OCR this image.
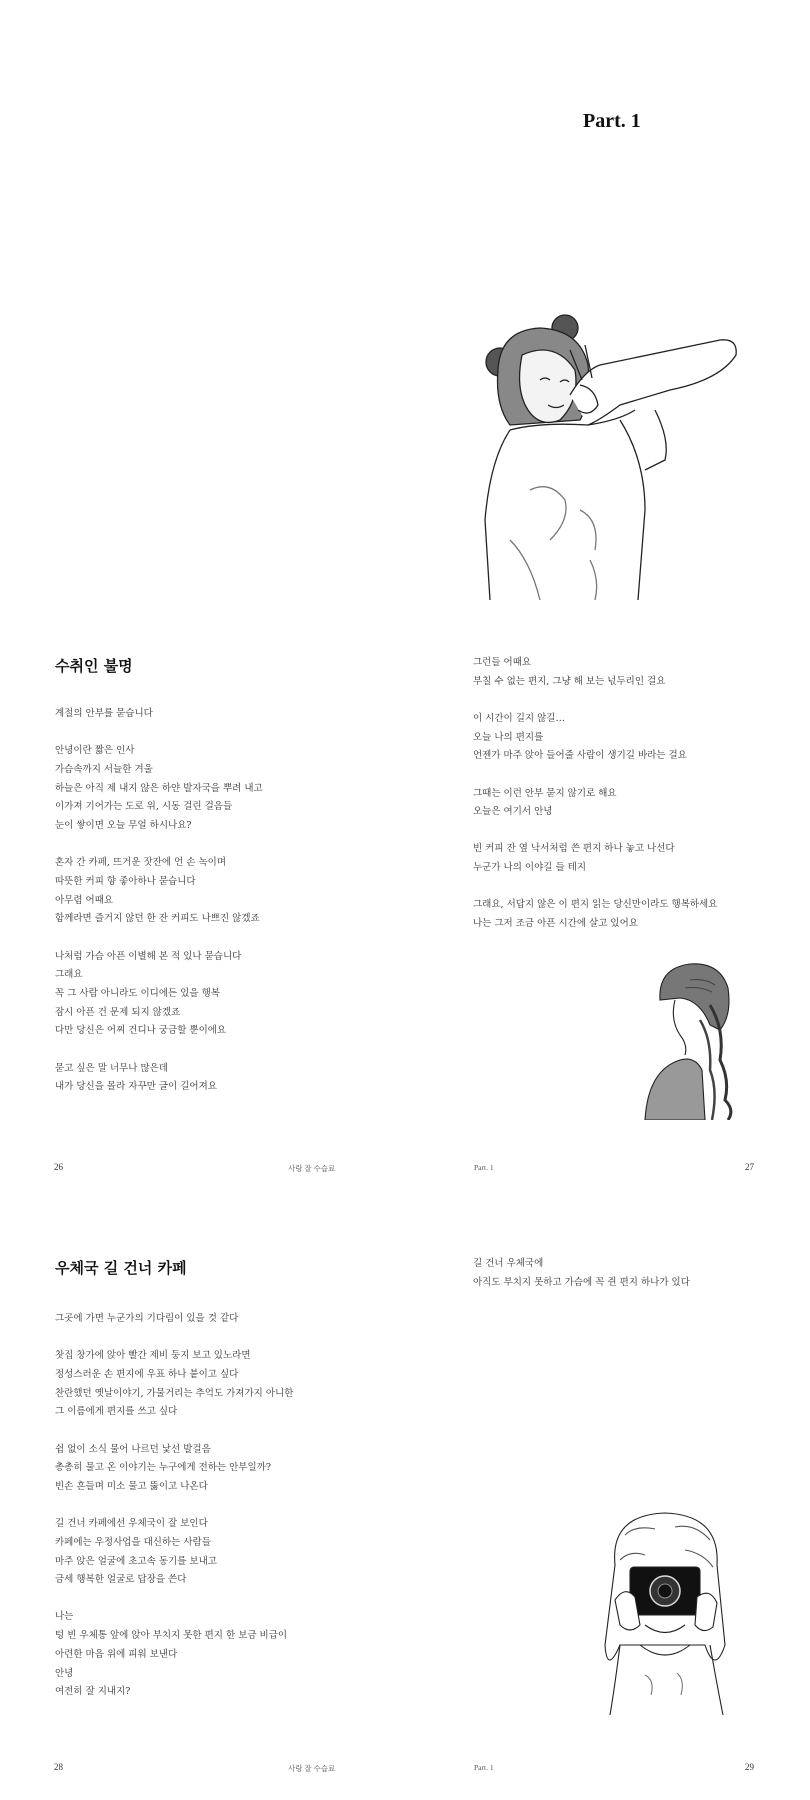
Part. 1
수취인 불명
계절의 안부를 묻습니다
안녕이란 짧은 인사
가슴속까지 서늘한 겨울
하늘은 아직 제 내지 않은 하얀 발자국을 뿌려 내고
이가져 기어가는 도로 위, 시동 걸린 걸음들
눈이 쌓이면 오늘 무얼 하시나요?
혼자 간 카페, 뜨거운 잣잔에 언 손 녹이며
따뜻한 커피 향 좋아하나 묻습니다
아무렴 어때요
함께라면 즐거지 않던 한 잔 커피도 나쁘진 않겠죠
나처럼 가슴 아픈 이별해 본 적 있나 묻습니다
그래요
꼭 그 사람 아니라도 이디에든 있을 행복
잠시 아픈 건 문제 되지 않겠죠
다만 당신은 어찌 건디나 궁금할 뿐이에요
묻고 싶은 말 너무나 많은데
내가 당신을 몰라 자꾸만 글이 길어져요
그런들 어때요
부칠 수 없는 편지, 그냥 해 보는 넋두리인 걸요
이 시간이 길지 않길…
오늘 나의 편지를
언젠가 마주 앉아 들어줄 사람이 생기길 바라는 걸요
그때는 이런 안부 묻지 않기로 해요
오늘은 여기서 안녕
빈 커피 잔 옆 낙서처럼 쓴 편지 하나 놓고 나선다
누군가 나의 이야길 들 테지
그래요, 서답지 않은 이 편지 읽는 당신만이라도 행복하세요
나는 그저 조금 아픈 시간에 살고 있어요
26	사랑 잘 수습료	Part. 1	27
우체국 길 건너 카페
그곳에 가면 누군가의 기다림이 있을 것 같다
찻집 창가에 앉아 빨간 제비 둥지 보고 있노라면
정성스러운 손 편지에 우표 하나 붙이고 싶다
찬란했던 옛날이야기, 가물거리는 추억도 가져가지 아니한
그 이름에게 편지를 쓰고 싶다
쉼 없이 소식 물어 나르던 낯선 발걸음
총총히 물고 온 이야기는 누구에게 전하는 안부일까?
빈손 흔들며 미소 물고 뚫이고 나온다
길 건너 카페에선 우체국이 잘 보인다
카페에는 우정사업을 대신하는 사람들
마주 앉은 얼굴에 초고속 동기를 보내고
금세 행복한 얼굴로 답장을 쓴다
나는
텅 빈 우체통 앞에 앉아 부치지 못한 편지 한 보금 비급이
아련한 마음 위에 피워 보낸다
안녕
여전히 잘 지내지?
길 건너 우체국에
아직도 부치지 못하고 가슴에 꼭 쥔 편지 하나가 있다
28	사랑 잘 수습료	Part. 1	29
